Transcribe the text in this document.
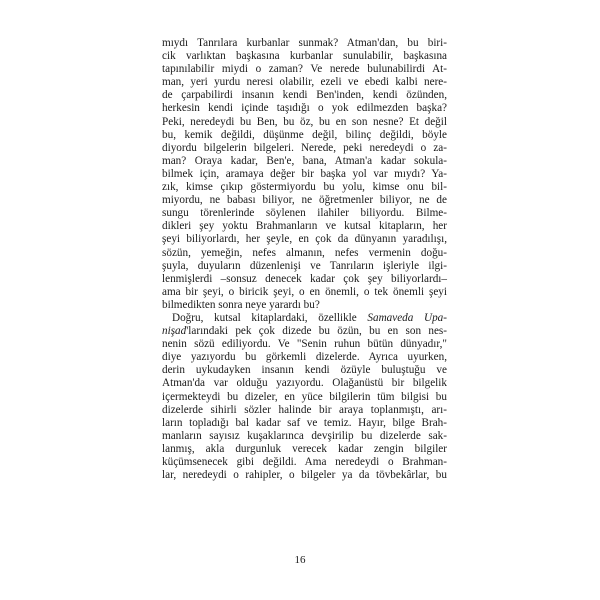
mıydı Tanrılara kurbanlar sunmak? Atman'dan, bu biri-
cik varlıktan başkasına kurbanlar sunulabilir, başkasına
tapınılabilir miydi o zaman? Ve nerede bulunabilirdi At-
man, yeri yurdu neresi olabilir, ezeli ve ebedi kalbi nere-
de çarpabilirdi insanın kendi Ben'inden, kendi özünden,
herkesin kendi içinde taşıdığı o yok edilmezden başka?
Peki, neredeydi bu Ben, bu öz, bu en son nesne? Et değil
bu, kemik değildi, düşünme değil, bilinç değildi, böyle
diyordu bilgelerin bilgeleri. Nerede, peki neredeydi o za-
man? Oraya kadar, Ben'e, bana, Atman'a kadar sokula-
bilmek için, aramaya değer bir başka yol var mıydı? Ya-
zık, kimse çıkıp göstermiyordu bu yolu, kimse onu bil-
miyordu, ne babası biliyor, ne öğretmenler biliyor, ne de
sungu törenlerinde söylenen ilahiler biliyordu. Bilme-
dikleri şey yoktu Brahmanların ve kutsal kitapların, her
şeyi biliyorlardı, her şeyle, en çok da dünyanın yaradılışı,
sözün, yemeğin, nefes almanın, nefes vermenin doğu-
şuyla, duyuların düzenlenişi ve Tanrıların işleriyle ilgi-
lenmişlerdi –sonsuz denecek kadar çok şey biliyorlardı–
ama bir şeyi, o biricik şeyi, o en önemli, o tek önemli şeyi
bilmedikten sonra neye yarardı bu?
Doğru, kutsal kitaplardaki, özellikle Samaveda Upa-
nişad'larındaki pek çok dizede bu özün, bu en son nes-
nenin sözü ediliyordu. Ve "Senin ruhun bütün dünyadır,"
diye yazıyordu bu görkemli dizelerde. Ayrıca uyurken,
derin uykudayken insanın kendi özüyle buluştuğu ve
Atman'da var olduğu yazıyordu. Olağanüstü bir bilgelik
içermekteydi bu dizeler, en yüce bilgilerin tüm bilgisi bu
dizelerde sihirli sözler halinde bir araya toplanmıştı, arı-
ların topladığı bal kadar saf ve temiz. Hayır, bilge Brah-
manların sayısız kuşaklarınca devşirilip bu dizelerde sak-
lanmış, akla durgunluk verecek kadar zengin bilgiler
küçümsenecek gibi değildi. Ama neredeydi o Brahman-
lar, neredeydi o rahipler, o bilgeler ya da tövbekârlar, bu
16
